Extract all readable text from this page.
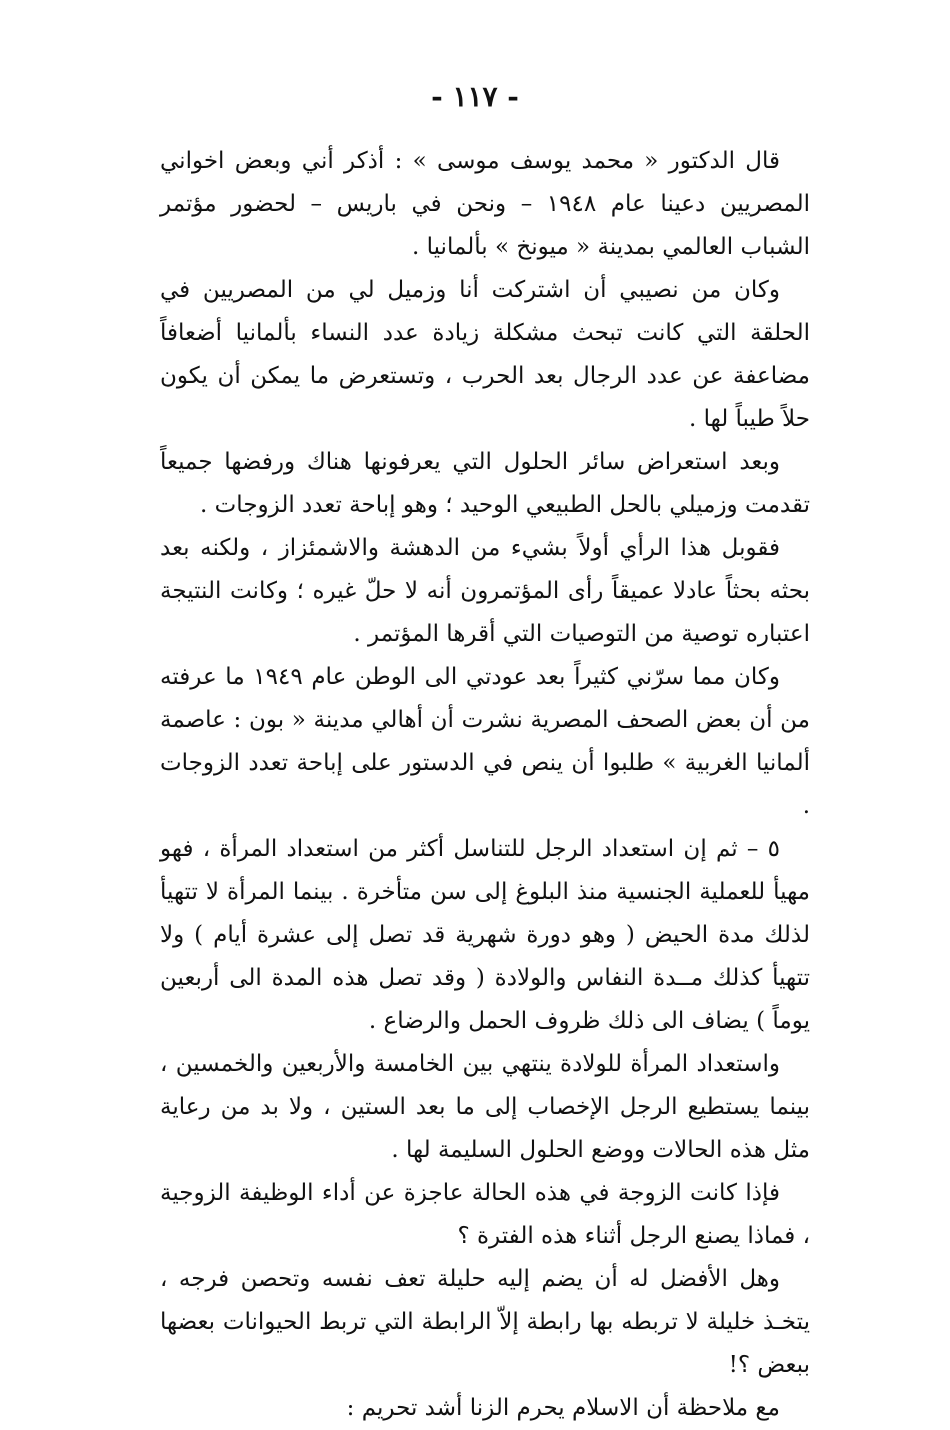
- ١١٧ -

قال الدكتور « محمد يوسف موسى » : أذكر أني وبعض اخواني المصريين دعينا عام ١٩٤٨ – ونحن في باريس – لحضور مؤتمر الشباب العالمي بمدينة « ميونخ » بألمانيا .

وكان من نصيبي أن اشتركت أنا وزميل لي من المصريين في الحلقة التي كانت تبحث مشكلة زيادة عدد النساء بألمانيا أضعافاً مضاعفة عن عدد الرجال بعد الحرب ، وتستعرض ما يمكن أن يكون حلاً طيباً لها .

وبعد استعراض سائر الحلول التي يعرفونها هناك ورفضها جميعاً تقدمت وزميلي بالحل الطبيعي الوحيد ؛ وهو إباحة تعدد الزوجات .

فقوبل هذا الرأي أولاً بشيء من الدهشة والاشمئزاز ، ولكنه بعد بحثه بحثاً عادلا عميقاً رأى المؤتمرون أنه لا حلّ غيره ؛ وكانت النتيجة اعتباره توصية من التوصيات التي أقرها المؤتمر .

وكان مما سرّني كثيراً بعد عودتي الى الوطن عام ١٩٤٩ ما عرفته من أن بعض الصحف المصرية نشرت أن أهالي مدينة « بون : عاصمة ألمانيا الغربية » طلبوا أن ينص في الدستور على إباحة تعدد الزوجات .

٥ – ثم إن استعداد الرجل للتناسل أكثر من استعداد المرأة ، فهو مهيأ للعملية الجنسية منذ البلوغ إلى سن متأخرة . بينما المرأة لا تتهيأ لذلك مدة الحيض ( وهو دورة شهرية قد تصل إلى عشرة أيام ) ولا تتهيأ كذلك مــدة النفاس والولادة ( وقد تصل هذه المدة الى أربعين يوماً ) يضاف الى ذلك ظروف الحمل والرضاع .

واستعداد المرأة للولادة ينتهي بين الخامسة والأربعين والخمسين ، بينما يستطيع الرجل الإخصاب إلى ما بعد الستين ، ولا بد من رعاية مثل هذه الحالات ووضع الحلول السليمة لها .

فإذا كانت الزوجة في هذه الحالة عاجزة عن أداء الوظيفة الزوجية ، فماذا يصنع الرجل أثناء هذه الفترة ؟

وهل الأفضل له أن يضم إليه حليلة تعف نفسه وتحصن فرجه ، يتخـذ خليلة لا تربطه بها رابطة إلاّ الرابطة التي تربط الحيوانات بعضها ببعض ؟!

مع ملاحظة أن الاسلام يحرم الزنا أشد تحريم :
